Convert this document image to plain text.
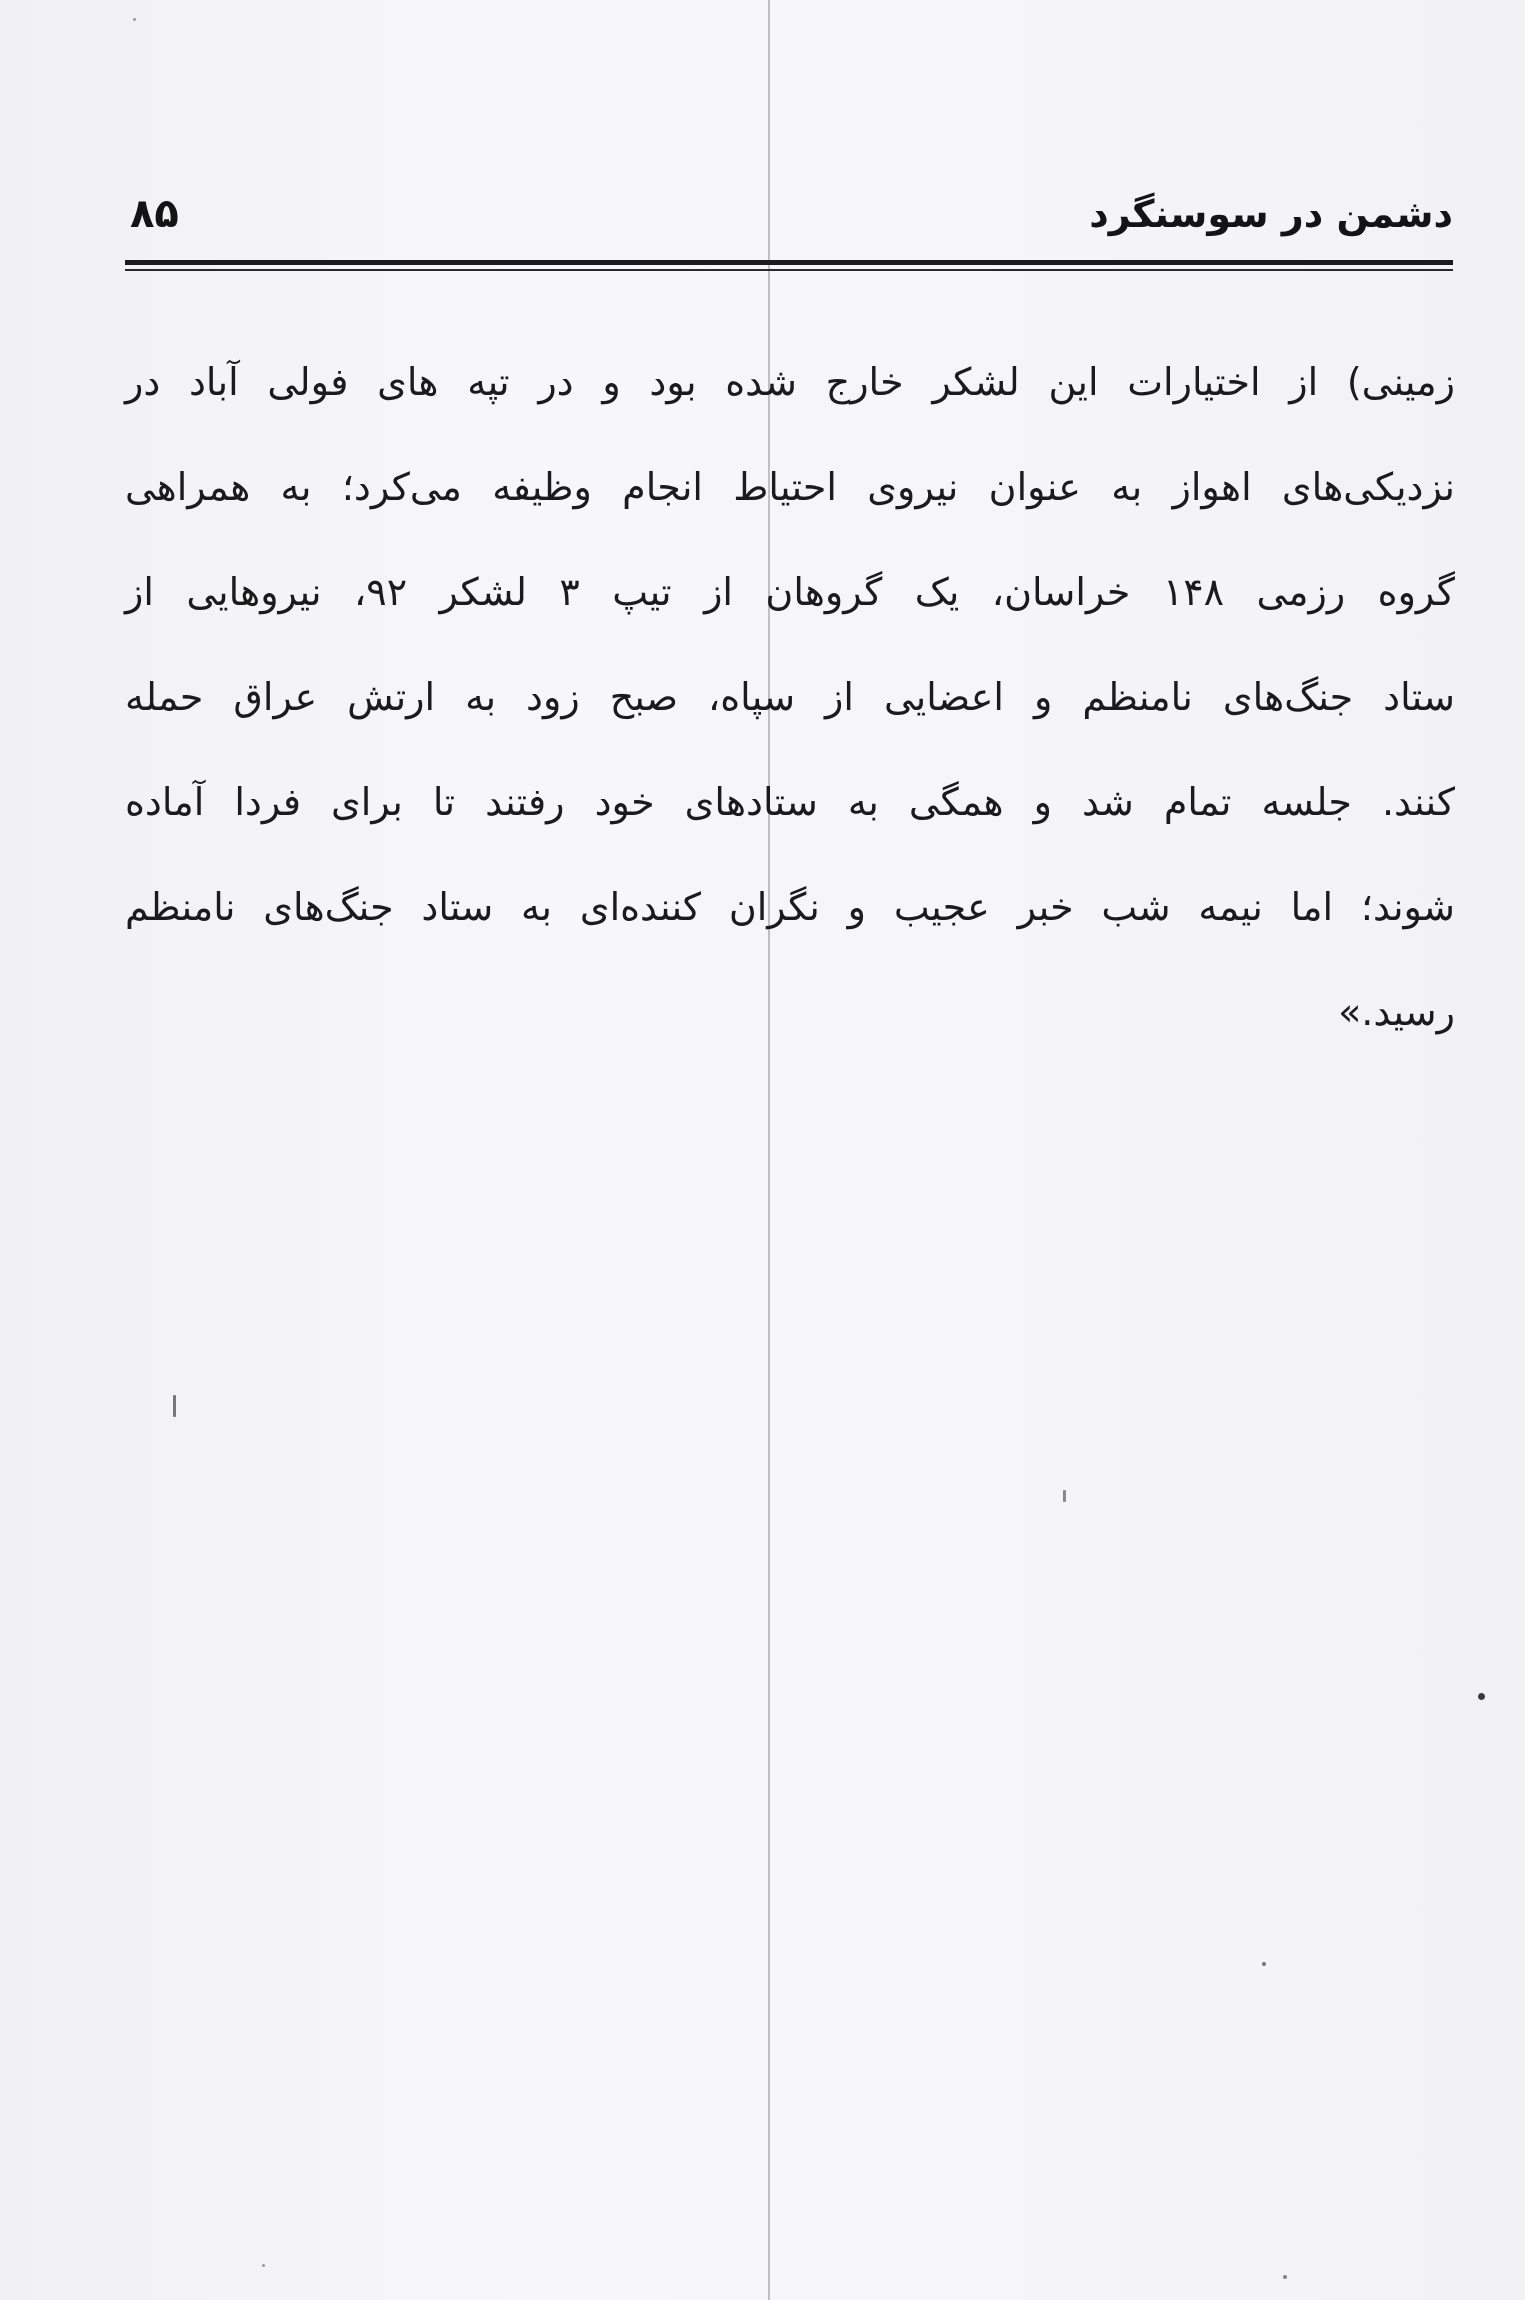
دشمن در سوسنگرد
۸۵
زمینی) از اختیارات این لشکر خارج شده بود و در تپه های فولی آباد در
نزدیکی‌های اهواز به عنوان نیروی احتیاط انجام وظیفه می‌کرد؛ به همراهی
گروه رزمی ۱۴۸ خراسان، یک گروهان از تیپ ۳ لشکر ۹۲، نیروهایی از
ستاد جنگ‌های نامنظم و اعضایی از سپاه، صبح زود به ارتش عراق حمله
کنند. جلسه تمام شد و همگی به ستادهای خود رفتند تا برای فردا آماده
شوند؛ اما نیمه شب خبر عجیب و نگران کننده‌ای به ستاد جنگ‌های نامنظم
رسید.»
